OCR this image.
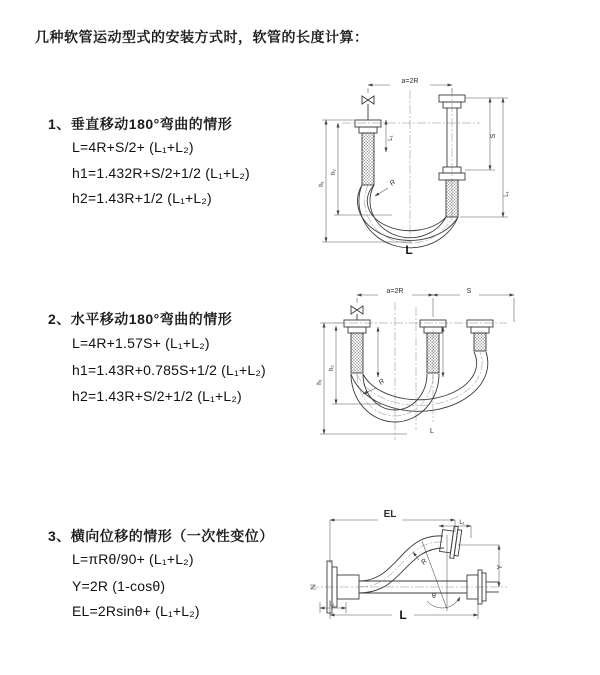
几种软管运动型式的安装方式时，软管的长度计算：
1、垂直移动180°弯曲的情形
L=4R+S/2+ (L₁+L₂)
h1=1.432R+S/2+1/2 (L₁+L₂)
h2=1.43R+1/2 (L₁+L₂)
2、水平移动180°弯曲的情形
L=4R+1.57S+ (L₁+L₂)
h1=1.43R+0.785S+1/2 (L₁+L₂)
h2=1.43R+S/2+1/2 (L₁+L₂)
3、横向位移的情形（一次性变位）
L=πRθ/90+ (L₁+L₂)
Y=2R (1-cosθ)
EL=2Rsinθ+ (L₁+L₂)
a=2R
L₁	S
L₁
h₁
h₂
R
L
a=2R	S
h₁
h₂
R
L
EL
L₁
L₁
Y
R
θ
L
